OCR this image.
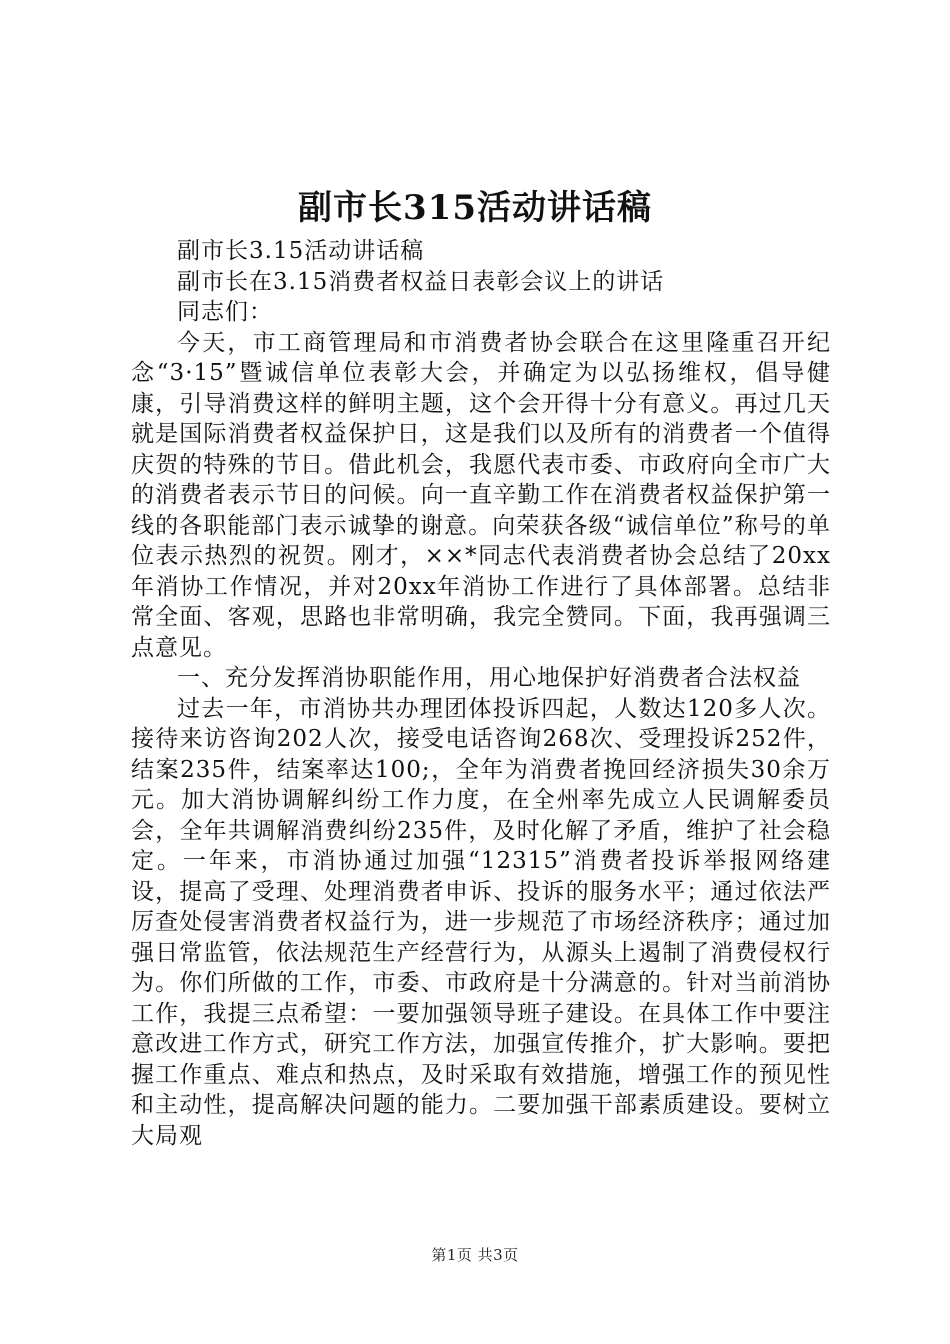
副市长315活动讲话稿

副市长3.15活动讲话稿

副市长在3.15消费者权益日表彰会议上的讲话

同志们：

今天，市工商管理局和市消费者协会联合在这里隆重召开纪念“3·15”暨诚信单位表彰大会，并确定为以弘扬维权，倡导健康，引导消费这样的鲜明主题，这个会开得十分有意义。再过几天就是国际消费者权益保护日，这是我们以及所有的消费者一个值得庆贺的特殊的节日。借此机会，我愿代表市委、市政府向全市广大的消费者表示节日的问候。向一直辛勤工作在消费者权益保护第一线的各职能部门表示诚挚的谢意。向荣获各级“诚信单位”称号的单位表示热烈的祝贺。刚才，××*同志代表消费者协会总结了20xx年消协工作情况，并对20xx年消协工作进行了具体部署。总结非常全面、客观，思路也非常明确，我完全赞同。下面，我再强调三点意见。

一、充分发挥消协职能作用，用心地保护好消费者合法权益

过去一年，市消协共办理团体投诉四起，人数达120多人次。接待来访咨询202人次，接受电话咨询268次、受理投诉252件，结案235件，结案率达100;，全年为消费者挽回经济损失30余万元。加大消协调解纠纷工作力度，在全州率先成立人民调解委员会，全年共调解消费纠纷235件，及时化解了矛盾，维护了社会稳定。一年来，市消协通过加强“12315”消费者投诉举报网络建设，提高了受理、处理消费者申诉、投诉的服务水平；通过依法严厉查处侵害消费者权益行为，进一步规范了市场经济秩序；通过加强日常监管，依法规范生产经营行为，从源头上遏制了消费侵权行为。你们所做的工作，市委、市政府是十分满意的。针对当前消协工作，我提三点希望：一要加强领导班子建设。在具体工作中要注意改进工作方式，研究工作方法，加强宣传推介，扩大影响。要把握工作重点、难点和热点，及时采取有效措施，增强工作的预见性和主动性，提高解决问题的能力。二要加强干部素质建设。要树立大局观

第1页 共3页
